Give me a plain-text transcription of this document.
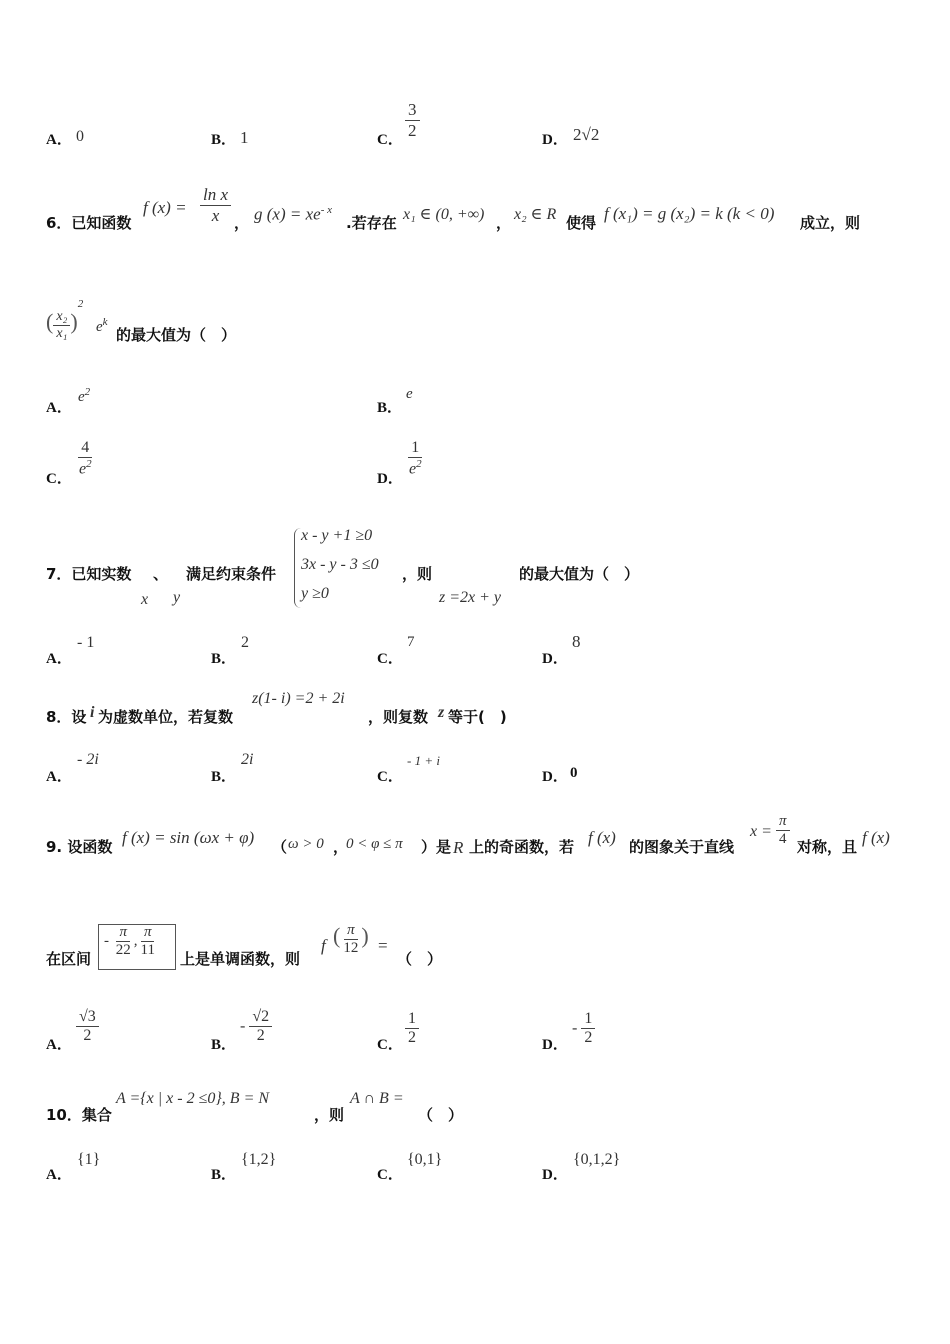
A． 0	B． 1	C． $\frac{3}{2}$	D． 2√2
6．已知函数
f $(x) = \frac{\text{ln x}}{x}$ ， g $(x) = xe^{- x}$
.若存在 x₁ ∈ (0, +∞) ， x₂ ∈ R 使得 f (x₁) = g (x₂) = k (k < 0) 成立，则
( $\frac{\text{x₂}}{\text{x₁}} )^2$
$e^k$
的最大值为（　）
A．
$e^2$
B．
e
C． $\frac{4}{e^2}$	D． $\frac{1}{e^2}$
7．已知实数 、 满足约束条件
x y
x - y +1 ≥0
3x - y - 3 ≤0
y ≥0
，则
z =2x + y
的最大值为（　）
A．
- 1
B．
2
C．
7
D．
8
8．设 i 为虚数单位，若复数
z(1- i) =2 + 2i
，则复数 z 等于(　)
A．
- 2i
B．
2i
C．
- 1 + i
D． 0
9. 设函数 f (x) = sin (ωx + φ) （ ω > 0 ，
0 < φ ≤ π ）是 R 上的奇函数，若 f (x) 的图象关于直线
$x = \frac{\pi}{4}$ 对称，且 f (x)
在区间
- $\frac{\pi}{22}$ , $\frac{\pi}{11}$ 上是单调函数，则
f ( $\frac{\pi}{12}$ ) =
（　）
A． $\frac{√3}{2}$	B．
- $\frac{√2}{2}$	C． $\frac{1}{2}$	D．
- $\frac{1}{2}$
10．集合
A ={x | x - 2 ≤0}, B = N
，则
A ∩ B =
（　）
A．
{1}
B．
{1,2}
C．
{0,1}
D．
{0,1,2}
